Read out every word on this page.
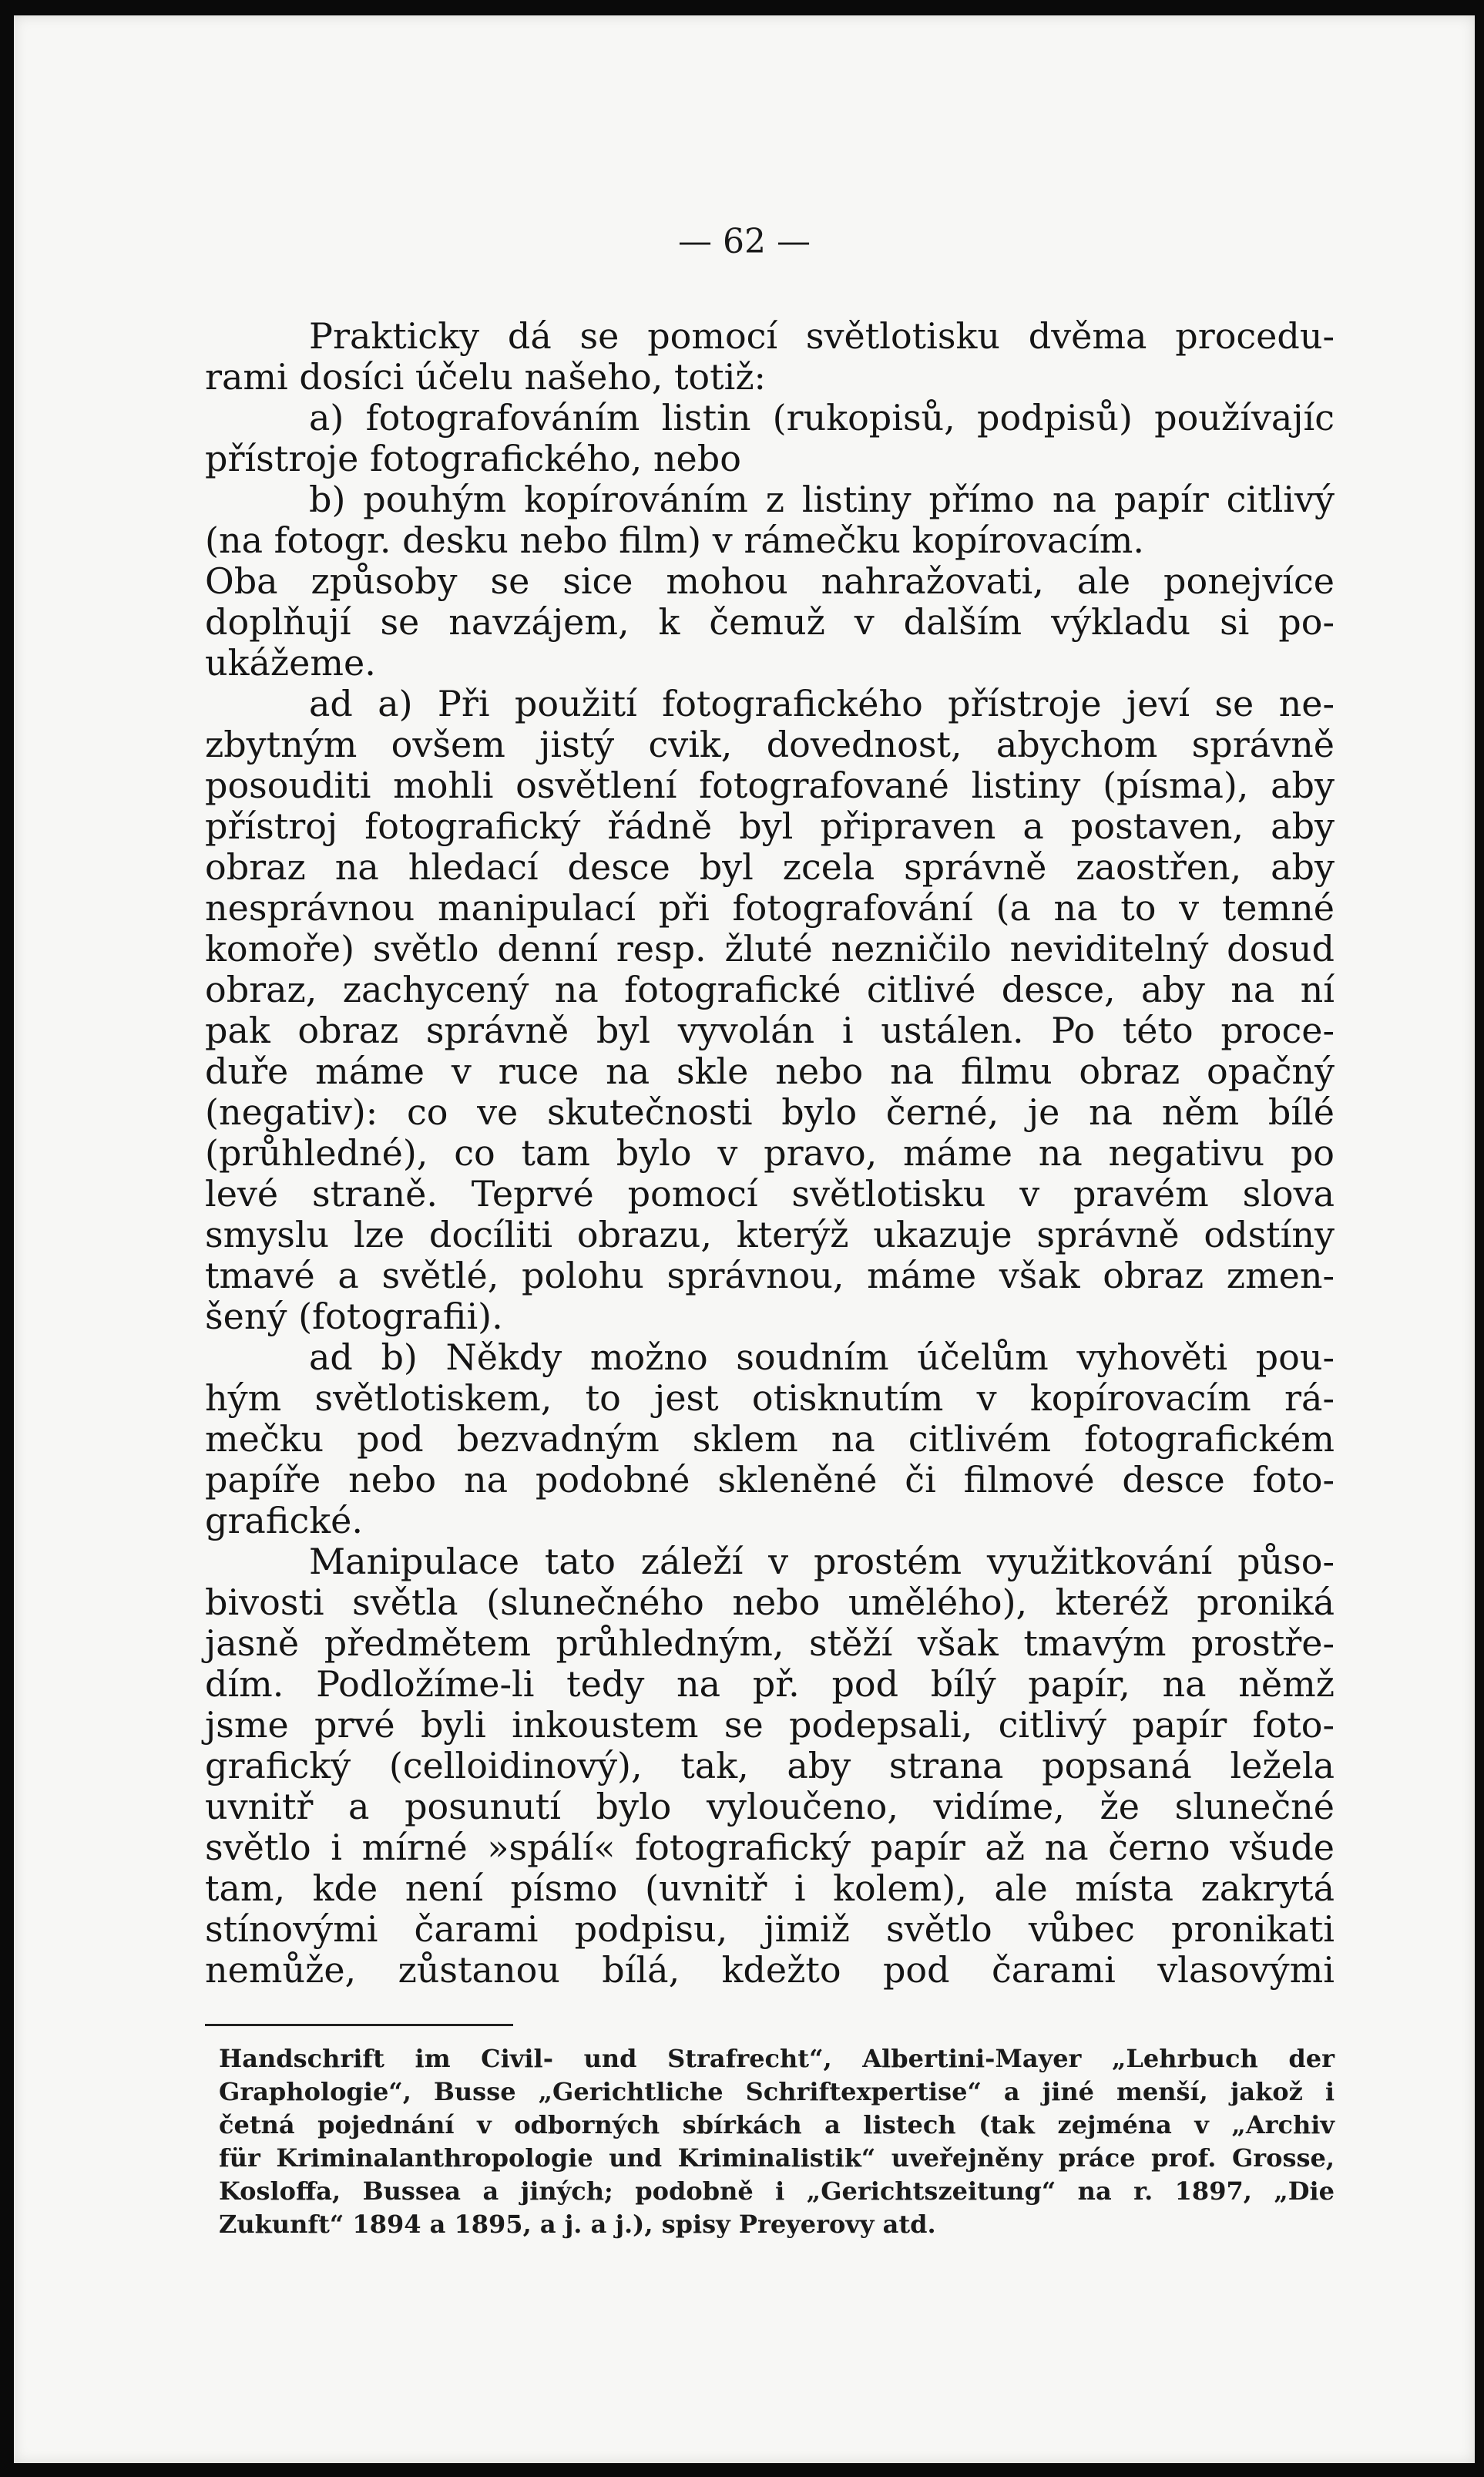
— 62 —
Prakticky dá se pomocí světlotisku dvěma procedu-
rami dosíci účelu našeho, totiž:
a) fotografováním listin (rukopisů, podpisů) používajíc
přístroje fotografického, nebo
b) pouhým kopírováním z listiny přímo na papír citlivý
(na fotogr. desku nebo film) v rámečku kopírovacím.
Oba způsoby se sice mohou nahražovati, ale ponejvíce
doplňují se navzájem, k čemuž v dalším výkladu si po-
ukážeme.
ad a) Při použití fotografického přístroje jeví se ne-
zbytným ovšem jistý cvik, dovednost, abychom správně
posouditi mohli osvětlení fotografované listiny (písma), aby
přístroj fotografický řádně byl připraven a postaven, aby
obraz na hledací desce byl zcela správně zaostřen, aby
nesprávnou manipulací při fotografování (a na to v temné
komoře) světlo denní resp. žluté nezničilo neviditelný dosud
obraz, zachycený na fotografické citlivé desce, aby na ní
pak obraz správně byl vyvolán i ustálen. Po této proce-
duře máme v ruce na skle nebo na filmu obraz opačný
(negativ): co ve skutečnosti bylo černé, je na něm bílé
(průhledné), co tam bylo v pravo, máme na negativu po
levé straně. Teprvé pomocí světlotisku v pravém slova
smyslu lze docíliti obrazu, kterýž ukazuje správně odstíny
tmavé a světlé, polohu správnou, máme však obraz zmen-
šený (fotografii).
ad b) Někdy možno soudním účelům vyhověti pou-
hým světlotiskem, to jest otisknutím v kopírovacím rá-
mečku pod bezvadným sklem na citlivém fotografickém
papíře nebo na podobné skleněné či filmové desce foto-
grafické.
Manipulace tato záleží v prostém využitkování půso-
bivosti světla (slunečného nebo umělého), kteréž proniká
jasně předmětem průhledným, stěží však tmavým prostře-
dím. Podložíme-li tedy na př. pod bílý papír, na němž
jsme prvé byli inkoustem se podepsali, citlivý papír foto-
grafický (celloidinový), tak, aby strana popsaná ležela
uvnitř a posunutí bylo vyloučeno, vidíme, že slunečné
světlo i mírné »spálí« fotografický papír až na černo všude
tam, kde není písmo (uvnitř i kolem), ale místa zakrytá
stínovými čarami podpisu, jimiž světlo vůbec pronikati
nemůže, zůstanou bílá, kdežto pod čarami vlasovými
Handschrift im Civil- und Strafrecht“, Albertini-Mayer „Lehrbuch der
Graphologie“, Busse „Gerichtliche Schriftexpertise“ a jiné menší, jakož i
četná pojednání v odborných sbírkách a listech (tak zejména v „Archiv
für Kriminalanthropologie und Kriminalistik“ uveřejněny práce prof. Grosse,
Kosloffa, Bussea a jiných; podobně i „Gerichtszeitung“ na r. 1897, „Die
Zukunft“ 1894 a 1895, a j. a j.), spisy Preyerovy atd.
